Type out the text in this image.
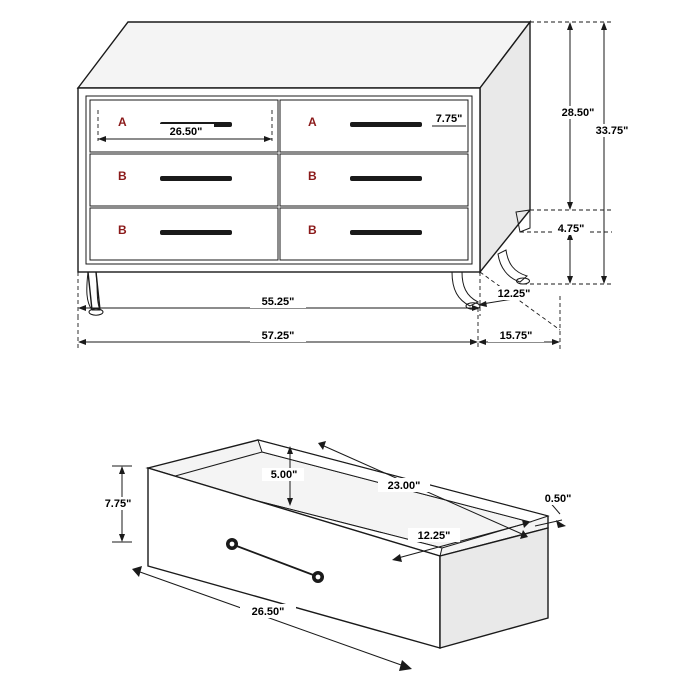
A	A
B	B
B	B
26.50"
7.75"	28.50"
33.75"
4.75"
55.25"
12.25"
57.25"	15.75"
5.00"
7.75"
23.00"
12.25"
0.50"
26.50"
